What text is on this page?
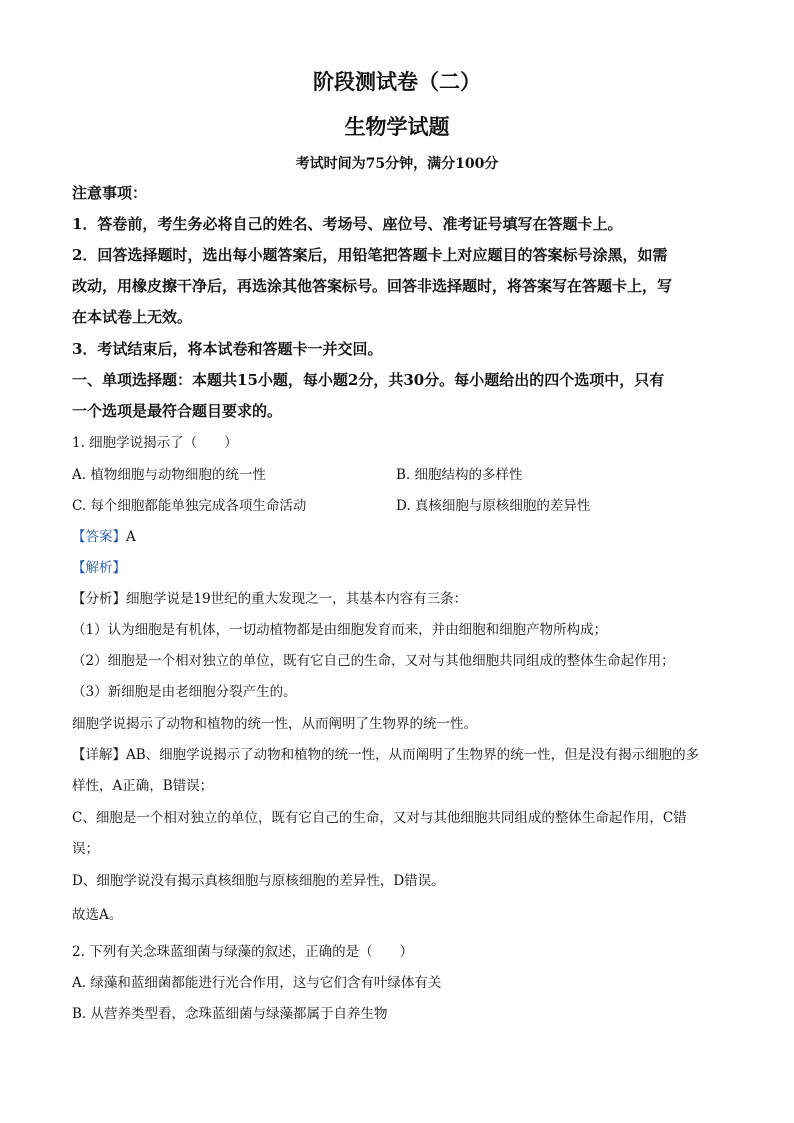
阶段测试卷（二）

生物学试题

考试时间为75分钟，满分100分

注意事项：

1．答卷前，考生务必将自己的姓名、考场号、座位号、准考证号填写在答题卡上。

2．回答选择题时，选出每小题答案后，用铅笔把答题卡上对应题目的答案标号涂黑，如需

改动，用橡皮擦干净后，再选涂其他答案标号。回答非选择题时，将答案写在答题卡上，写

在本试卷上无效。

3．考试结束后，将本试卷和答题卡一并交回。

一、单项选择题：本题共15小题，每小题2分，共30分。每小题给出的四个选项中，只有

一个选项是最符合题目要求的。

1. 细胞学说揭示了（　　）

A. 植物细胞与动物细胞的统一性	B. 细胞结构的多样性

C. 每个细胞都能单独完成各项生命活动	D. 真核细胞与原核细胞的差异性

【答案】A

【解析】

【分析】细胞学说是19世纪的重大发现之一，其基本内容有三条：

（1）认为细胞是有机体，一切动植物都是由细胞发育而来，并由细胞和细胞产物所构成；

（2）细胞是一个相对独立的单位，既有它自己的生命，又对与其他细胞共同组成的整体生命起作用；

（3）新细胞是由老细胞分裂产生的。

细胞学说揭示了动物和植物的统一性，从而阐明了生物界的统一性。

【详解】AB、细胞学说揭示了动物和植物的统一性，从而阐明了生物界的统一性，但是没有揭示细胞的多

样性，A正确，B错误；

C、细胞是一个相对独立的单位，既有它自己的生命，又对与其他细胞共同组成的整体生命起作用，C错

误；

D、细胞学说没有揭示真核细胞与原核细胞的差异性，D错误。

故选A。

2. 下列有关念珠蓝细菌与绿藻的叙述，正确的是（　　）

A. 绿藻和蓝细菌都能进行光合作用，这与它们含有叶绿体有关

B. 从营养类型看，念珠蓝细菌与绿藻都属于自养生物
